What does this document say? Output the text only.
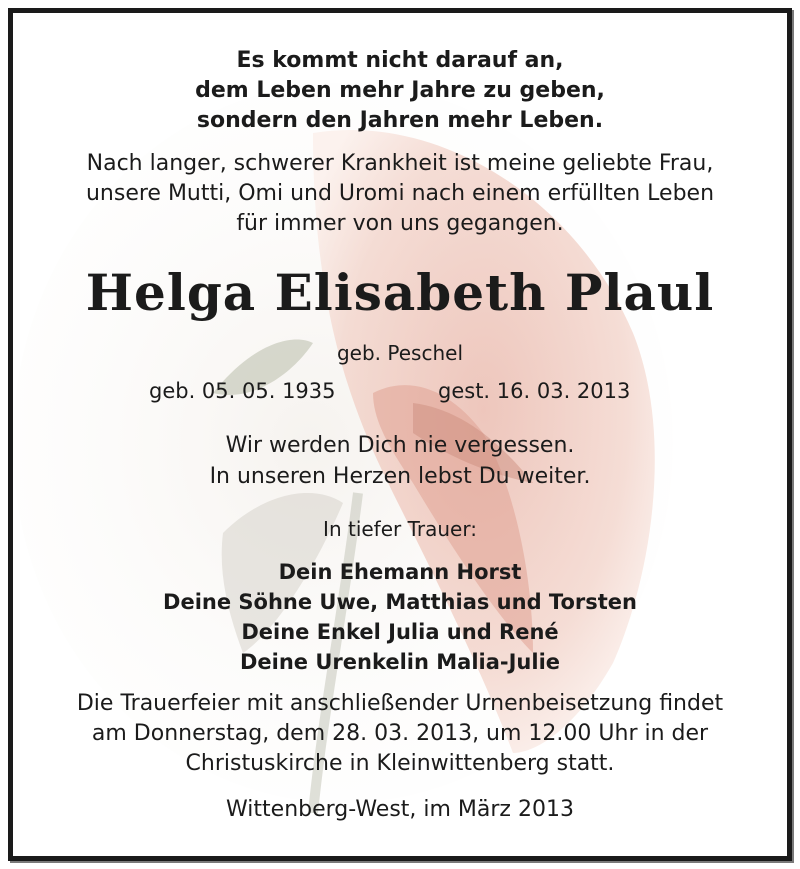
Es kommt nicht darauf an,
dem Leben mehr Jahre zu geben,
sondern den Jahren mehr Leben.
Nach langer, schwerer Krankheit ist meine geliebte Frau,
unsere Mutti, Omi und Uromi nach einem erfüllten Leben
für immer von uns gegangen.
Helga Elisabeth Plaul
geb. Peschel
geb. 05. 05. 1935	gest. 16. 03. 2013
Wir werden Dich nie vergessen.
In unseren Herzen lebst Du weiter.
In tiefer Trauer:
Dein Ehemann Horst
Deine Söhne Uwe, Matthias und Torsten
Deine Enkel Julia und René
Deine Urenkelin Malia-Julie
Die Trauerfeier mit anschließender Urnenbeisetzung findet
am Donnerstag, dem 28. 03. 2013, um 12.00 Uhr in der
Christuskirche in Kleinwittenberg statt.
Wittenberg-West, im März 2013
